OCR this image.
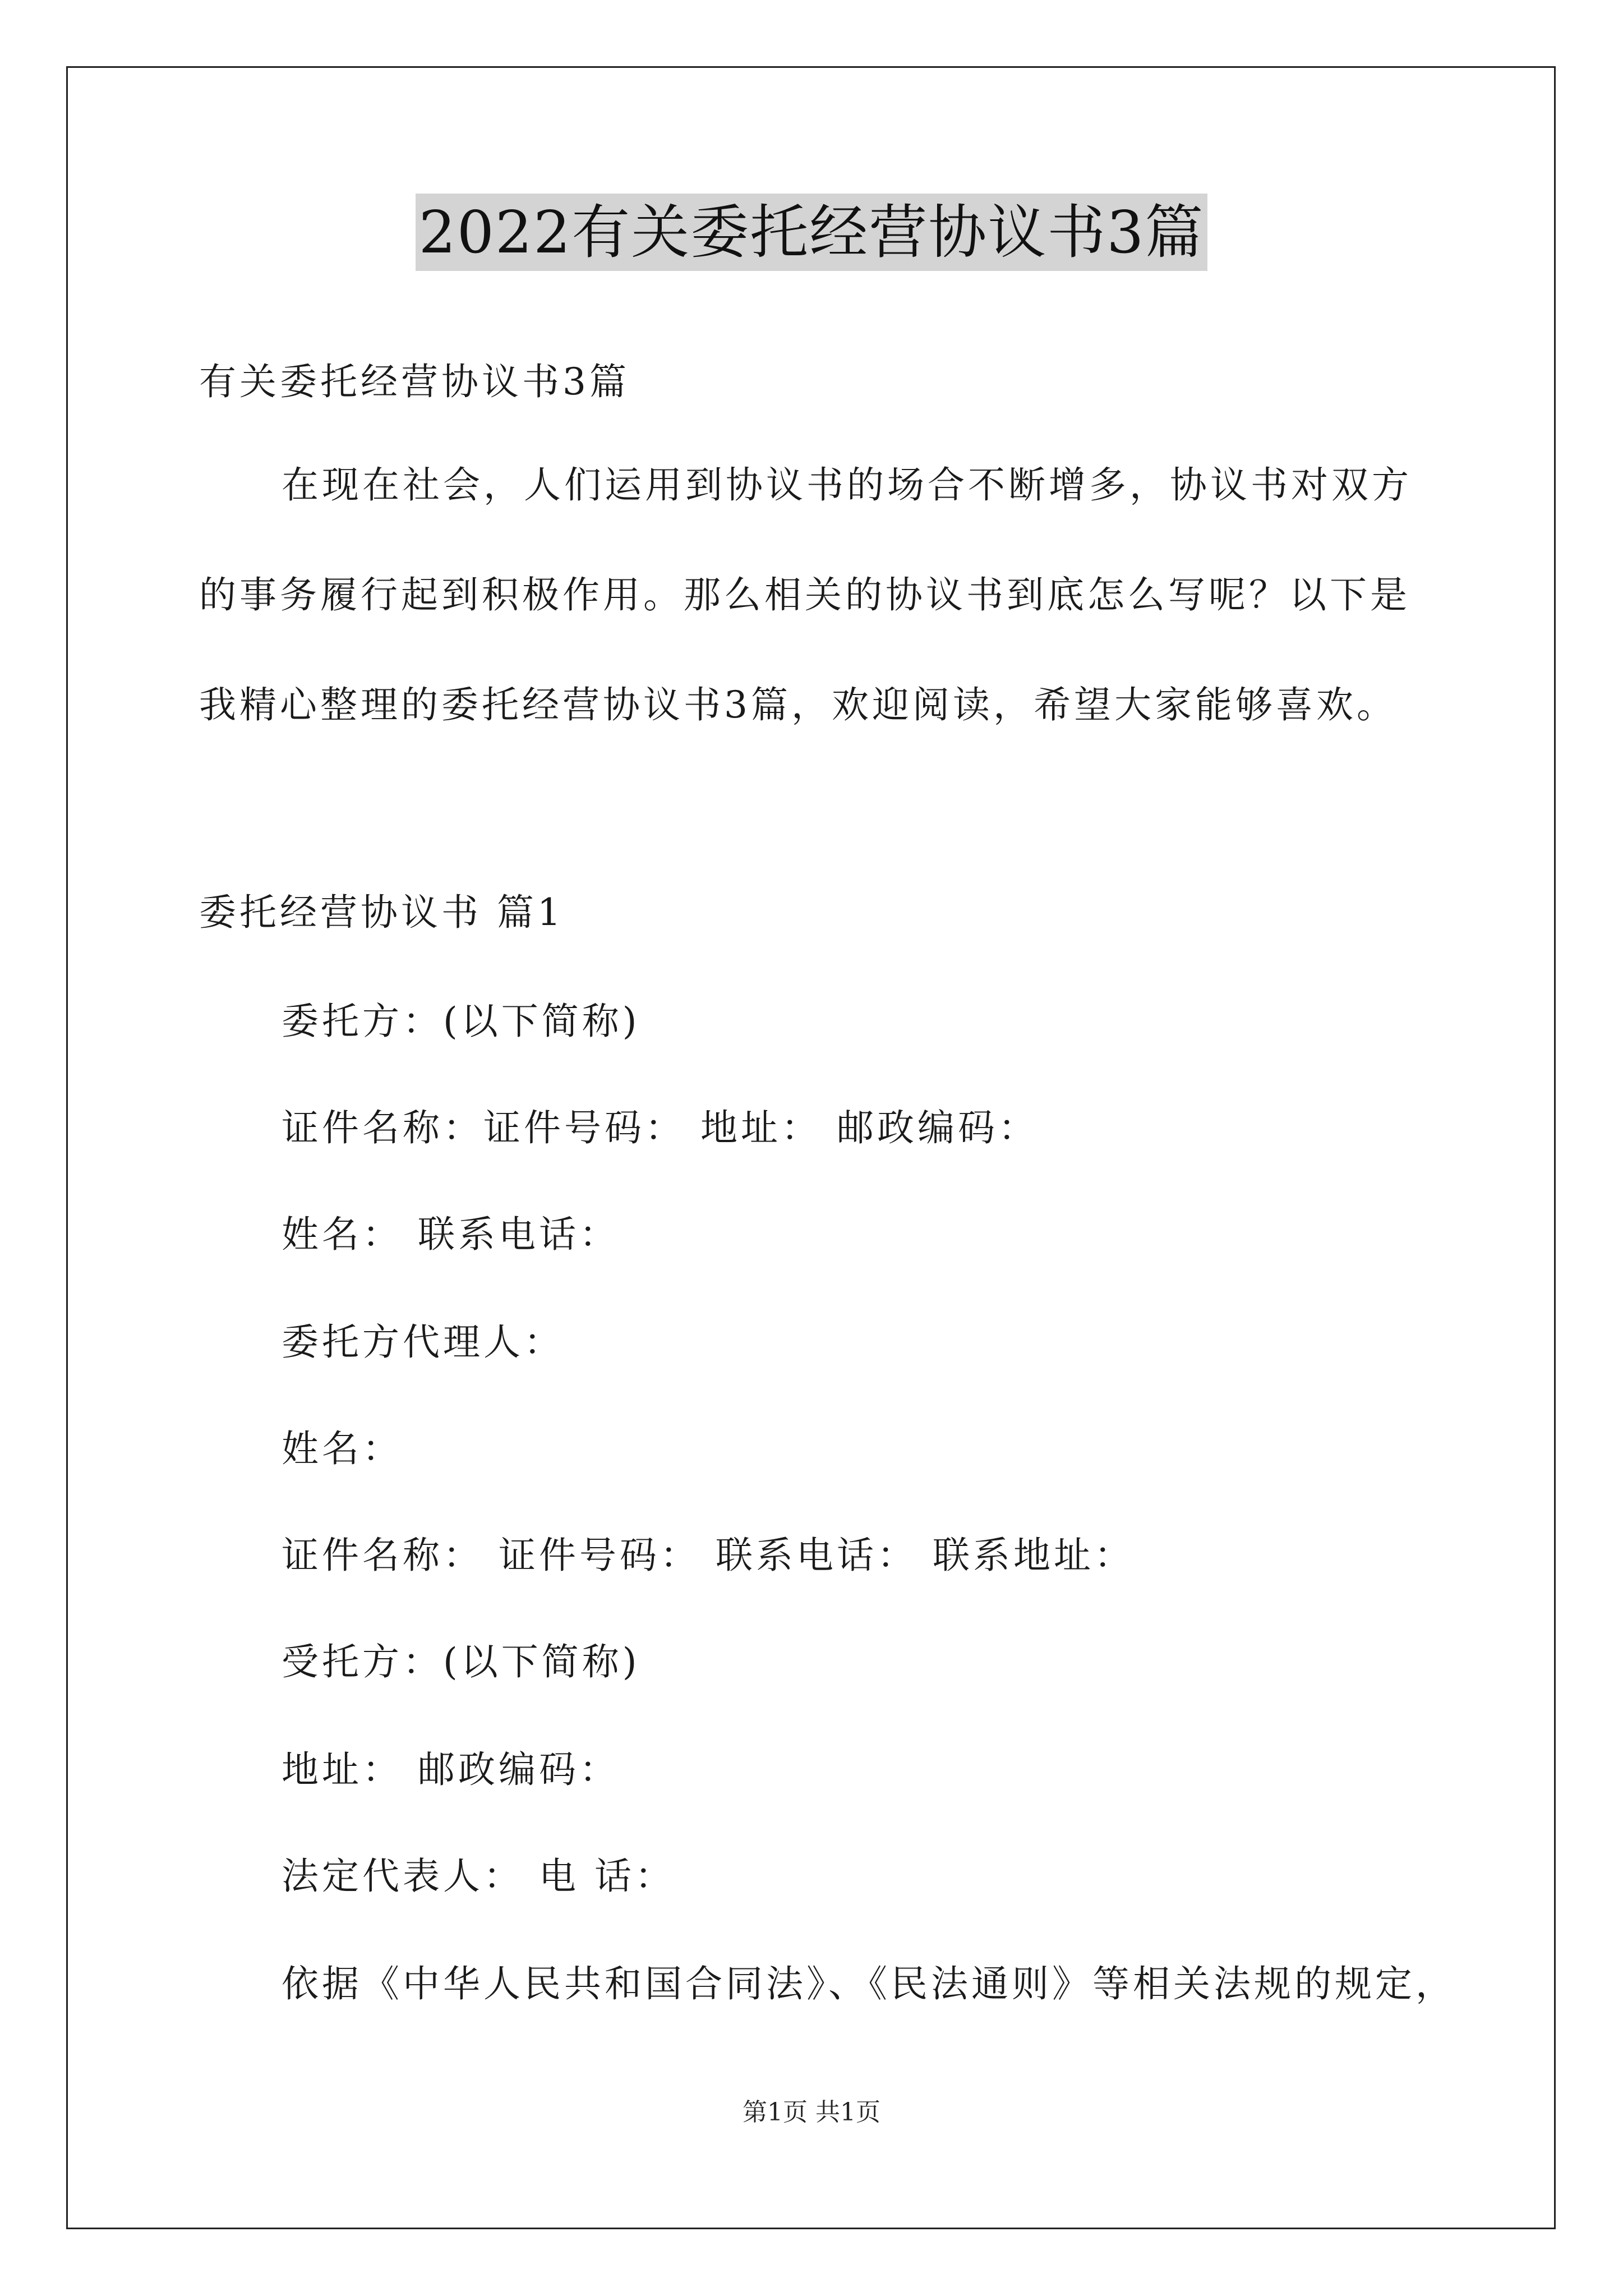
2022有关委托经营协议书3篇
有关委托经营协议书3篇
在现在社会，人们运用到协议书的场合不断增多，协议书对双方
的事务履行起到积极作用。那么相关的协议书到底怎么写呢？以下是
我精心整理的委托经营协议书3篇，欢迎阅读，希望大家能够喜欢。
委托经营协议书 篇1
委托方：(以下简称)
证件名称：证件号码： 地址： 邮政编码：
姓名： 联系电话：
委托方代理人：
姓名：
证件名称： 证件号码： 联系电话： 联系地址：
受托方：(以下简称)
地址： 邮政编码：
法定代表人： 电 话：
依据《中华人民共和国合同法》、《民法通则》等相关法规的规定，
第1页 共1页
